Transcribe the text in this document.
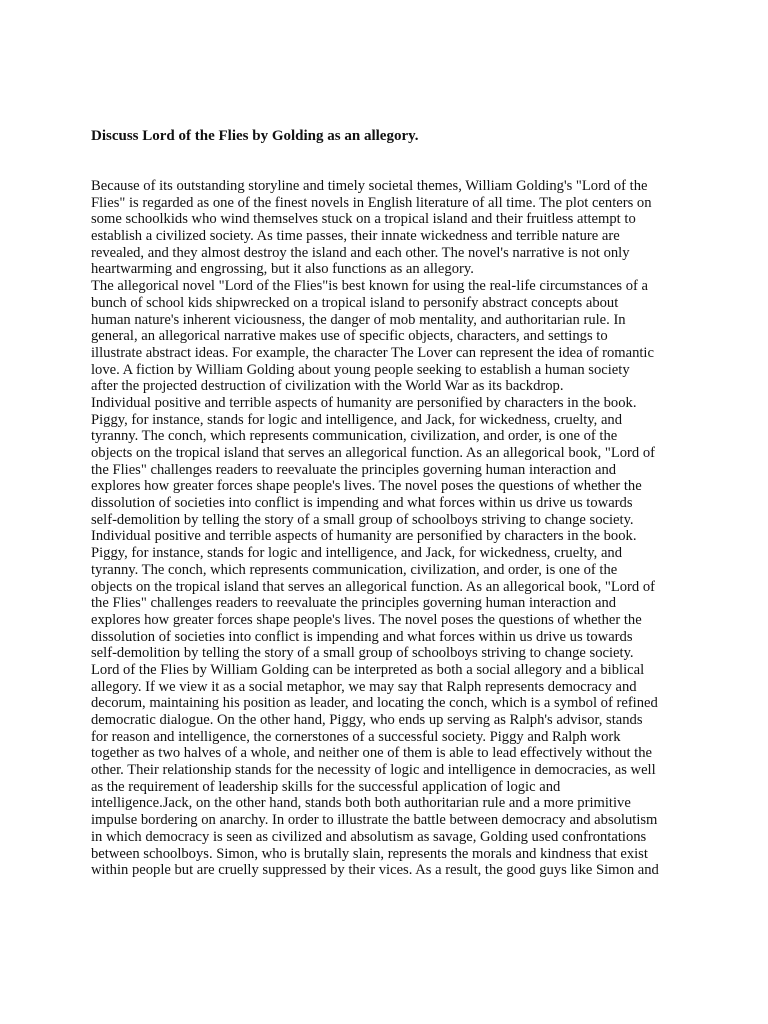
Discuss Lord of the Flies by Golding as an allegory.
Because of its outstanding storyline and timely societal themes, William Golding's "Lord of the
Flies" is regarded as one of the finest novels in English literature of all time. The plot centers on
some schoolkids who wind themselves stuck on a tropical island and their fruitless attempt to
establish a civilized society. As time passes, their innate wickedness and terrible nature are
revealed, and they almost destroy the island and each other. The novel's narrative is not only
heartwarming and engrossing, but it also functions as an allegory.
The allegorical novel "Lord of the Flies"is best known for using the real-life circumstances of a
bunch of school kids shipwrecked on a tropical island to personify abstract concepts about
human nature's inherent viciousness, the danger of mob mentality, and authoritarian rule. In
general, an allegorical narrative makes use of specific objects, characters, and settings to
illustrate abstract ideas. For example, the character The Lover can represent the idea of romantic
love. A fiction by William Golding about young people seeking to establish a human society
after the projected destruction of civilization with the World War as its backdrop.
Individual positive and terrible aspects of humanity are personified by characters in the book.
Piggy, for instance, stands for logic and intelligence, and Jack, for wickedness, cruelty, and
tyranny. The conch, which represents communication, civilization, and order, is one of the
objects on the tropical island that serves an allegorical function. As an allegorical book, "Lord of
the Flies" challenges readers to reevaluate the principles governing human interaction and
explores how greater forces shape people's lives. The novel poses the questions of whether the
dissolution of societies into conflict is impending and what forces within us drive us towards
self-demolition by telling the story of a small group of schoolboys striving to change society.
Individual positive and terrible aspects of humanity are personified by characters in the book.
Piggy, for instance, stands for logic and intelligence, and Jack, for wickedness, cruelty, and
tyranny. The conch, which represents communication, civilization, and order, is one of the
objects on the tropical island that serves an allegorical function. As an allegorical book, "Lord of
the Flies" challenges readers to reevaluate the principles governing human interaction and
explores how greater forces shape people's lives. The novel poses the questions of whether the
dissolution of societies into conflict is impending and what forces within us drive us towards
self-demolition by telling the story of a small group of schoolboys striving to change society.
Lord of the Flies by William Golding can be interpreted as both a social allegory and a biblical
allegory. If we view it as a social metaphor, we may say that Ralph represents democracy and
decorum, maintaining his position as leader, and locating the conch, which is a symbol of refined
democratic dialogue. On the other hand, Piggy, who ends up serving as Ralph's advisor, stands
for reason and intelligence, the cornerstones of a successful society. Piggy and Ralph work
together as two halves of a whole, and neither one of them is able to lead effectively without the
other. Their relationship stands for the necessity of logic and intelligence in democracies, as well
as the requirement of leadership skills for the successful application of logic and
intelligence.Jack, on the other hand, stands both both authoritarian rule and a more primitive
impulse bordering on anarchy. In order to illustrate the battle between democracy and absolutism
in which democracy is seen as civilized and absolutism as savage, Golding used confrontations
between schoolboys. Simon, who is brutally slain, represents the morals and kindness that exist
within people but are cruelly suppressed by their vices. As a result, the good guys like Simon and
